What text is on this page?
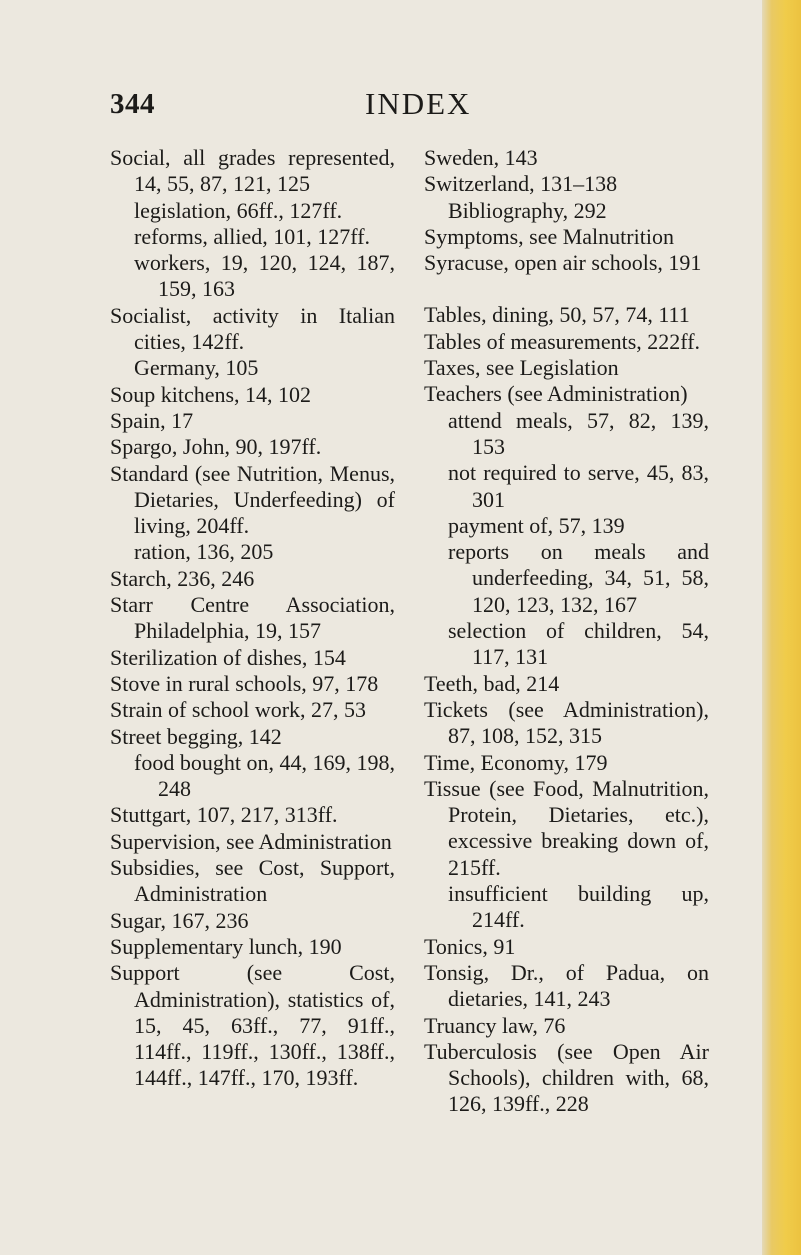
344	INDEX
Social, all grades represented, 14, 55, 87, 121, 125
legislation, 66ff., 127ff.
reforms, allied, 101, 127ff.
workers, 19, 120, 124, 187, 159, 163
Socialist, activity in Italian cities, 142ff.
Germany, 105
Soup kitchens, 14, 102
Spain, 17
Spargo, John, 90, 197ff.
Standard (see Nutrition, Menus, Dietaries, Underfeeding) of living, 204ff.
ration, 136, 205
Starch, 236, 246
Starr Centre Association, Philadelphia, 19, 157
Sterilization of dishes, 154
Stove in rural schools, 97, 178
Strain of school work, 27, 53
Street begging, 142
food bought on, 44, 169, 198, 248
Stuttgart, 107, 217, 313ff.
Supervision, see Administration
Subsidies, see Cost, Support, Administration
Sugar, 167, 236
Supplementary lunch, 190
Support (see Cost, Administration), statistics of, 15, 45, 63ff., 77, 91ff., 114ff., 119ff., 130ff., 138ff., 144ff., 147ff., 170, 193ff.
Sweden, 143
Switzerland, 131–138
Bibliography, 292
Symptoms, see Malnutrition
Syracuse, open air schools, 191
Tables, dining, 50, 57, 74, 111
Tables of measurements, 222ff.
Taxes, see Legislation
Teachers (see Administration)
attend meals, 57, 82, 139, 153
not required to serve, 45, 83, 301
payment of, 57, 139
reports on meals and underfeeding, 34, 51, 58, 120, 123, 132, 167
selection of children, 54, 117, 131
Teeth, bad, 214
Tickets (see Administration), 87, 108, 152, 315
Time, Economy, 179
Tissue (see Food, Malnutrition, Protein, Dietaries, etc.), excessive breaking down of, 215ff.
insufficient building up, 214ff.
Tonics, 91
Tonsig, Dr., of Padua, on dietaries, 141, 243
Truancy law, 76
Tuberculosis (see Open Air Schools), children with, 68, 126, 139ff., 228
